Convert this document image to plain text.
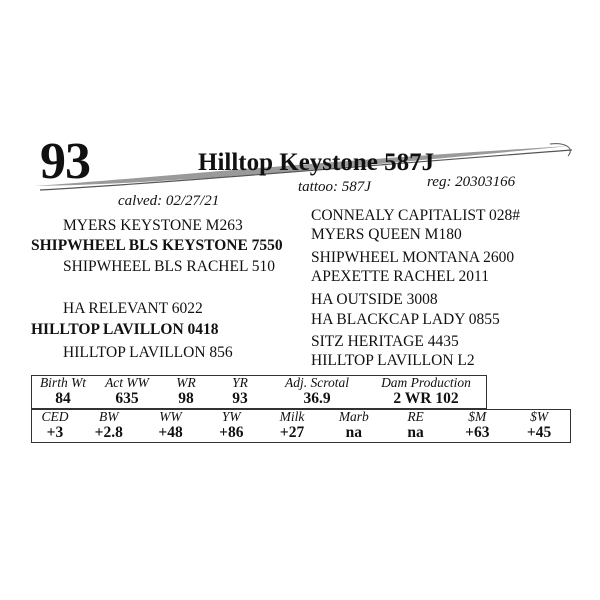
93	Hilltop Keystone 587J
tattoo: 587J	reg: 20303166
calved: 02/27/21
MYERS KEYSTONE M263
SHIPWHEEL BLS KEYSTONE 7550
SHIPWHEEL BLS RACHEL 510
HA RELEVANT 6022
HILLTOP LAVILLON 0418
HILLTOP LAVILLON 856
CONNEALY CAPITALIST 028#
MYERS QUEEN M180
SHIPWHEEL MONTANA 2600
APEXETTE RACHEL 2011
HA OUTSIDE 3008
HA BLACKCAP LADY 0855
SITZ HERITAGE 4435
HILLTOP LAVILLON L2
Birth Wt	Act WW	WR	YR	Adj. Scrotal	Dam Production
84	635	98	93	36.9	2 WR 102
CED	BW	WW	YW	Milk	Marb	RE	$M	$W
+3	+2.8	+48	+86	+27	na	na	+63	+45
